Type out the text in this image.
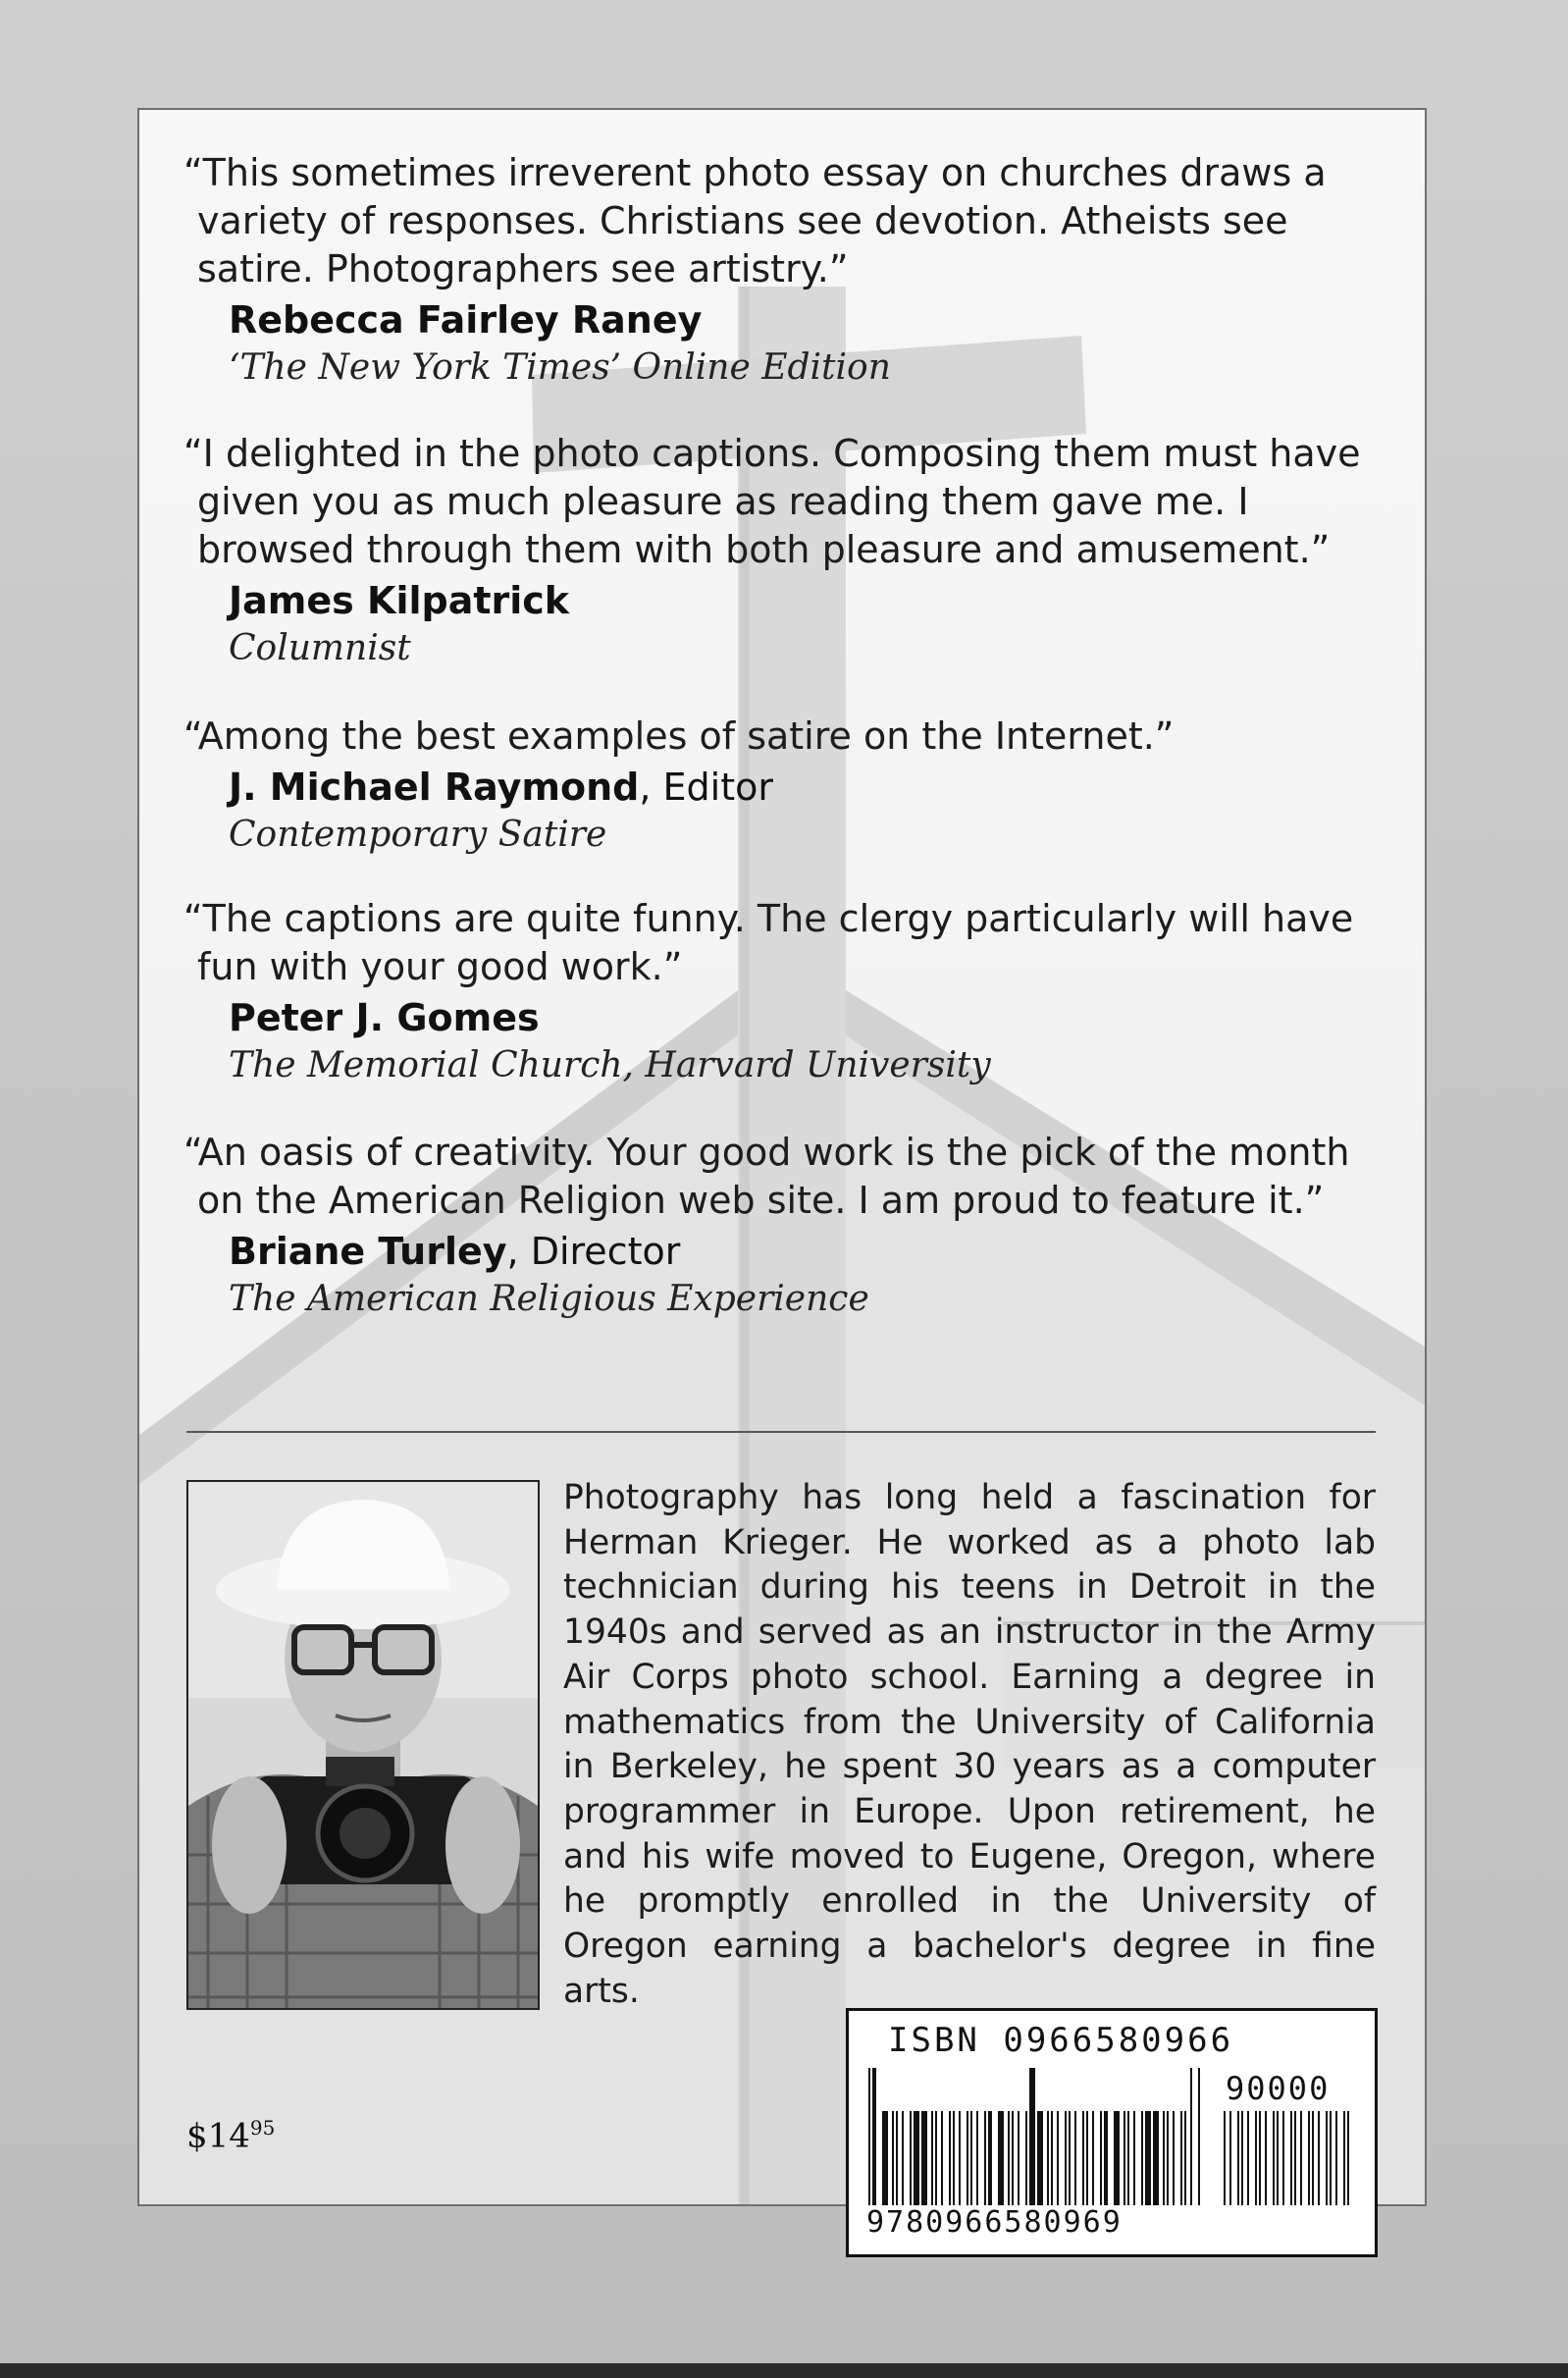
“This sometimes irreverent photo essay on churches draws a variety of responses. Christians see devotion. Atheists see satire. Photographers see artistry.”
Rebecca Fairley Raney
‘The New York Times’ Online Edition
“I delighted in the photo captions. Composing them must have given you as much pleasure as reading them gave me. I browsed through them with both pleasure and amusement.”
James Kilpatrick
Columnist
“Among the best examples of satire on the Internet.”
J. Michael Raymond, Editor
Contemporary Satire
“The captions are quite funny. The clergy particularly will have fun with your good work.”
Peter J. Gomes
The Memorial Church, Harvard University
“An oasis of creativity. Your good work is the pick of the month on the American Religion web site. I am proud to feature it.”
Briane Turley, Director
The American Religious Experience
Photography has long held a fascination for Herman Krieger. He worked as a photo lab technician during his teens in Detroit in the 1940s and served as an instructor in the Army Air Corps photo school. Earning a degree in mathematics from the University of California in Berkeley, he spent 30 years as a computer programmer in Europe. Upon retirement, he and his wife moved to Eugene, Oregon, where he promptly enrolled in the University of Oregon earning a bachelor's degree in fine arts.
$\$14^{95}$
ISBN 0966580966
90000
9780966580969
